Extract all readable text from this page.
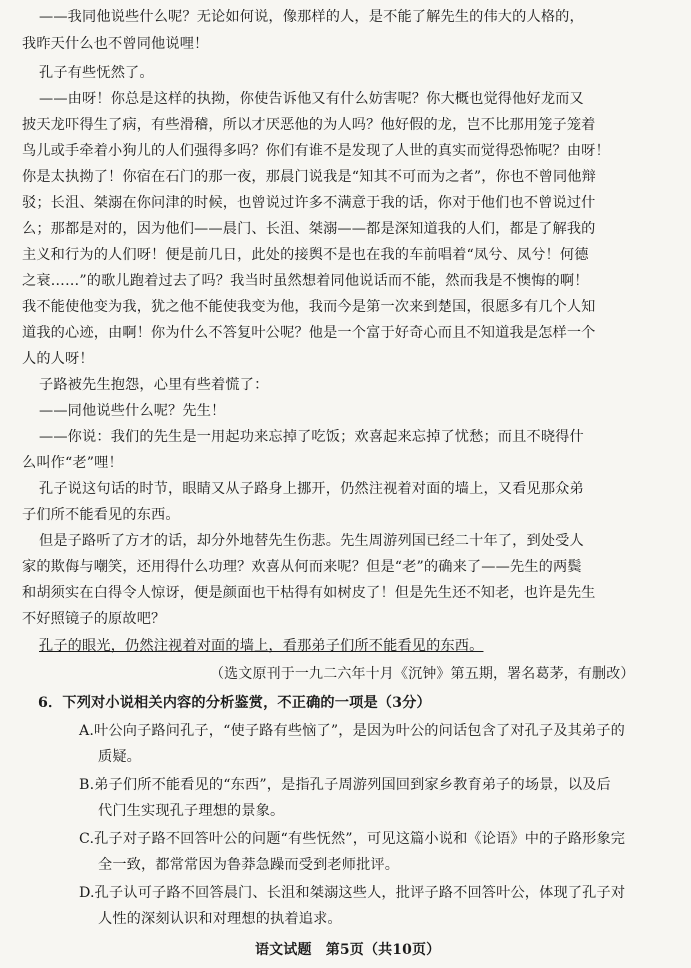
——我同他说些什么呢？无论如何说，像那样的人，是不能了解先生的伟大的人格的，
我昨天什么也不曾同他说哩！
孔子有些怃然了。
——由呀！你总是这样的执拗，你使告诉他又有什么妨害呢？你大概也觉得他好龙而又
披天龙吓得生了病，有些滑稽，所以才厌恶他的为人吗？他好假的龙，岂不比那用笼子笼着
鸟儿或手牵着小狗儿的人们强得多吗？你们有谁不是发现了人世的真实而觉得恐怖呢？由呀！
你是太执拗了！你宿在石门的那一夜，那晨门说我是“知其不可而为之者”，你也不曾同他辩
驳；长沮、桀溺在你问津的时候，也曾说过许多不满意于我的话，你对于他们也不曾说过什
么；那都是对的，因为他们——晨门、长沮、桀溺——都是深知道我的人们，都是了解我的
主义和行为的人们呀！便是前几日，此处的接舆不是也在我的车前唱着“凤兮、凤兮！何德
之衰……”的歌儿跑着过去了吗？我当时虽然想着同他说话而不能，然而我是不懊悔的啊！
我不能使他变为我，犹之他不能使我变为他，我而今是第一次来到楚国，很愿多有几个人知
道我的心迹，由啊！你为什么不答复叶公呢？他是一个富于好奇心而且不知道我是怎样一个
人的人呀！
子路被先生抱怨，心里有些着慌了：
——同他说些什么呢？先生！
——你说：我们的先生是一用起功来忘掉了吃饭；欢喜起来忘掉了忧愁；而且不晓得什
么叫作“老”哩！
孔子说这句话的时节，眼睛又从子路身上挪开，仍然注视着对面的墙上，又看见那众弟
子们所不能看见的东西。
但是子路听了方才的话，却分外地替先生伤悲。先生周游列国已经二十年了，到处受人
家的欺侮与嘲笑，还用得什么功理？欢喜从何而来呢？但是“老”的确来了——先生的两鬓
和胡须实在白得令人惊讶，便是颜面也干枯得有如树皮了！但是先生还不知老，也许是先生
不好照镜子的原故吧？
孔子的眼光，仍然注视着对面的墙上，看那弟子们所不能看见的东西。
（选文原刊于一九二六年十月《沉钟》第五期，署名葛茅，有删改）
6．下列对小说相关内容的分析鉴赏，不正确的一项是（3分）
A.叶公向子路问孔子，“使子路有些恼了”，是因为叶公的问话包含了对孔子及其弟子的
质疑。
B.弟子们所不能看见的“东西”，是指孔子周游列国回到家乡教育弟子的场景，以及后
代门生实现孔子理想的景象。
C.孔子对子路不回答叶公的问题“有些怃然”，可见这篇小说和《论语》中的子路形象完
全一致，都常常因为鲁莽急躁而受到老师批评。
D.孔子认可子路不回答晨门、长沮和桀溺这些人，批评子路不回答叶公，体现了孔子对
人性的深刻认识和对理想的执着追求。
语文试题　第5页（共10页）
